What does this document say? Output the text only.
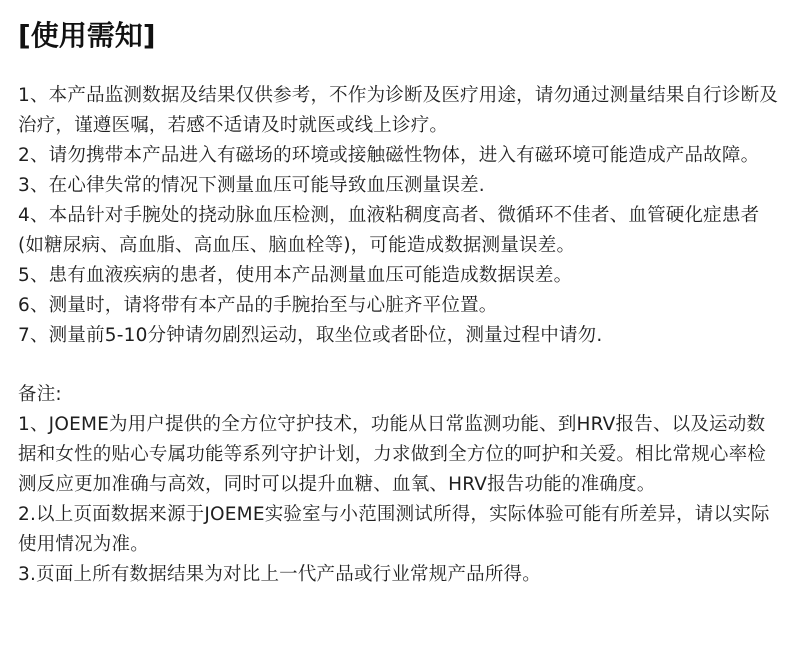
[使用需知]

1、本产品监测数据及结果仅供参考，不作为诊断及医疗用途，请勿通过测量结果自行诊断及治疗，谨遵医嘱，若感不适请及时就医或线上诊疗。

2、请勿携带本产品进入有磁场的环境或接触磁性物体，进入有磁环境可能造成产品故障。

3、在心律失常的情况下测量血压可能导致血压测量误差.

4、本品针对手腕处的挠动脉血压检测，血液粘稠度高者、微循环不佳者、血管硬化症患者(如糖尿病、高血脂、高血压、脑血栓等)，可能造成数据测量误差。

5、患有血液疾病的患者，使用本产品测量血压可能造成数据误差。

6、测量时，请将带有本产品的手腕抬至与心脏齐平位置。

7、测量前5-10分钟请勿剧烈运动，取坐位或者卧位，测量过程中请勿.

备注:

1、JOEME为用户提供的全方位守护技术，功能从日常监测功能、到HRV报告、以及运动数据和女性的贴心专属功能等系列守护计划，力求做到全方位的呵护和关爱。相比常规心率检测反应更加准确与高效，同时可以提升血糖、血氧、HRV报告功能的准确度。

2.以上页面数据来源于JOEME实验室与小范围测试所得，实际体验可能有所差异，请以实际使用情况为准。

3.页面上所有数据结果为对比上一代产品或行业常规产品所得。
